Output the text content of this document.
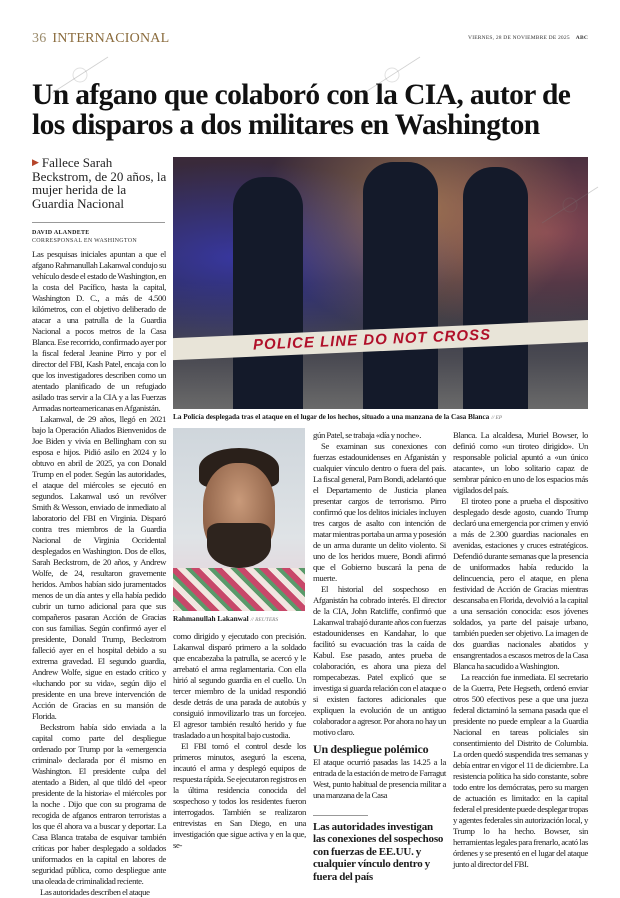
36 INTERNACIONAL	VIERNES, 28 DE NOVIEMBRE DE 2025 ABC
Un afgano que colaboró con la CIA, autor de los disparos a dos militares en Washington
▶ Fallece Sarah Beckstrom, de 20 años, la mujer herida de la Guardia Nacional
DAVID ALANDETE
CORRESPONSAL EN WASHINGTON

Las pesquisas iniciales apuntan a que el afgano Rahmanullah Lakanwal condujo su vehículo desde el estado de Washington, en la costa del Pacífico, hasta la capital, Washington D. C., a más de 4.500 kilómetros, con el objetivo deliberado de atacar a una patrulla de la Guardia Nacional a pocos metros de la Casa Blanca. Ese recorrido, confirmado ayer por la fiscal federal Jeanine Pirro y por el director del FBI, Kash Patel, encaja con lo que los investigadores describen como un atentado planificado de un refugiado asilado tras servir a la CIA y a las Fuerzas Armadas norteamericanas en Afganistán.

Lakanwal, de 29 años, llegó en 2021 bajo la Operación Aliados Bienvenidos de Joe Biden y vivía en Bellingham con su esposa e hijos. Pidió asilo en 2024 y lo obtuvo en abril de 2025, ya con Donald Trump en el poder. Según las autoridades, el ataque del miércoles se ejecutó en segundos. Lakanwal usó un revólver Smith & Wesson, enviado de inmediato al laboratorio del FBI en Virginia. Disparó contra tres miembros de la Guardia Nacional de Virginia Occidental desplegados en Washington. Dos de ellos, Sarah Beckstrom, de 20 años, y Andrew Wolfe, de 24, resultaron gravemente heridos. Ambos habían sido juramentados menos de un día antes y ella había pedido cubrir un turno adicional para que sus compañeros pasaran Acción de Gracias con sus familias. Según confirmó ayer el presidente, Donald Trump, Beckstrom falleció ayer en el hospital debido a su extrema gravedad. El segundo guardia, Andrew Wolfe, sigue en estado crítico y «luchando por su vida», según dijo el presidente en una breve intervención de Acción de Gracias en su mansión de Florida.

Beckstrom había sido enviada a la capital como parte del despliegue ordenado por Trump por la «emergencia criminal» declarada por él mismo en Washington. El presidente culpa del atentado a Biden, al que tildó del «peor presidente de la historia» el miércoles por la noche . Dijo que con su programa de recogida de afganos entraron terroristas a los que él ahora va a buscar y deportar. La Casa Blanca trataba de esquivar también críticas por haber desplegado a soldados uniformados en la capital en labores de seguridad pública, como despliegue ante una oleada de criminalidad reciente.

Las autoridades describen el ataque

POLICE LINE DO NOT CROSS
La Policía desplegada tras el ataque en el lugar de los hechos, situado a una manzana de la Casa Blanca // EP
Rahmanullah Lakanwal // REUTERS

como dirigido y ejecutado con precisión. Lakanwal disparó primero a la soldado que encabezaba la patrulla, se acercó y le arrebató el arma reglamentaria. Con ella hirió al segundo guardia en el cuello. Un tercer miembro de la unidad respondió desde detrás de una parada de autobús y consiguió inmovilizarlo tras un forcejeo. El agresor también resultó herido y fue trasladado a un hospital bajo custodia.

El FBI tomó el control desde los primeros minutos, aseguró la escena, incautó el arma y desplegó equipos de respuesta rápida. Se ejecutaron registros en la última residencia conocida del sospechoso y todos los residentes fueron interrogados. También se realizaron entrevistas en San Diego, en una investigación que sigue activa y en la que, se-

gún Patel, se trabaja «día y noche».

Se examinan sus conexiones con fuerzas estadounidenses en Afganistán y cualquier vínculo dentro o fuera del país. La fiscal general, Pam Bondi, adelantó que el Departamento de Justicia planea presentar cargos de terrorismo. Pirro confirmó que los delitos iniciales incluyen tres cargos de asalto con intención de matar mientras portaba un arma y posesión de un arma durante un delito violento. Si uno de los heridos muere, Bondi afirmó que el Gobierno buscará la pena de muerte.

El historial del sospechoso en Afganistán ha cobrado interés. El director de la CIA, John Ratcliffe, confirmó que Lakanwal trabajó durante años con fuerzas estadounidenses en Kandahar, lo que facilitó su evacuación tras la caída de Kabul. Ese pasado, antes prueba de colaboración, es ahora una pieza del rompecabezas. Patel explicó que se investiga si guarda relación con el ataque o si existen factores adicionales que expliquen la evolución de un antiguo colaborador a agresor. Por ahora no hay un motivo claro.

Un despliegue polémico

El ataque ocurrió pasadas las 14.25 a la entrada de la estación de metro de Farragut West, punto habitual de presencia militar a una manzana de la Casa

Las autoridades investigan las conexiones del sospechoso con fuerzas de EE.UU. y cualquier vínculo dentro y fuera del país

Blanca. La alcaldesa, Muriel Bowser, lo definió como «un tiroteo dirigido». Un responsable policial apuntó a «un único atacante», un lobo solitario capaz de sembrar pánico en uno de los espacios más vigilados del país.

El tiroteo pone a prueba el dispositivo desplegado desde agosto, cuando Trump declaró una emergencia por crimen y envió a más de 2.300 guardias nacionales en avenidas, estaciones y cruces estratégicos. Defendió durante semanas que la presencia de uniformados había reducido la delincuencia, pero el ataque, en plena festividad de Acción de Gracias mientras descansaba en Florida, devolvió a la capital a una sensación conocida: esos jóvenes soldados, ya parte del paisaje urbano, también pueden ser objetivo. La imagen de dos guardias nacionales abatidos y ensangrentados a escasos metros de la Casa Blanca ha sacudido a Washington.

La reacción fue inmediata. El secretario de la Guerra, Pete Hegseth, ordenó enviar otros 500 efectivos pese a que una jueza federal dictaminó la semana pasada que el presidente no puede emplear a la Guardia Nacional en tareas policiales sin consentimiento del Distrito de Columbia. La orden quedó suspendida tres semanas y debía entrar en vigor el 11 de diciembre. La resistencia política ha sido constante, sobre todo entre los demócratas, pero su margen de actuación es limitado: en la capital federal el presidente puede desplegar tropas y agentes federales sin autorización local, y Trump lo ha hecho. Bowser, sin herramientas legales para frenarlo, acató las órdenes y se presentó en el lugar del ataque junto al director del FBI.
